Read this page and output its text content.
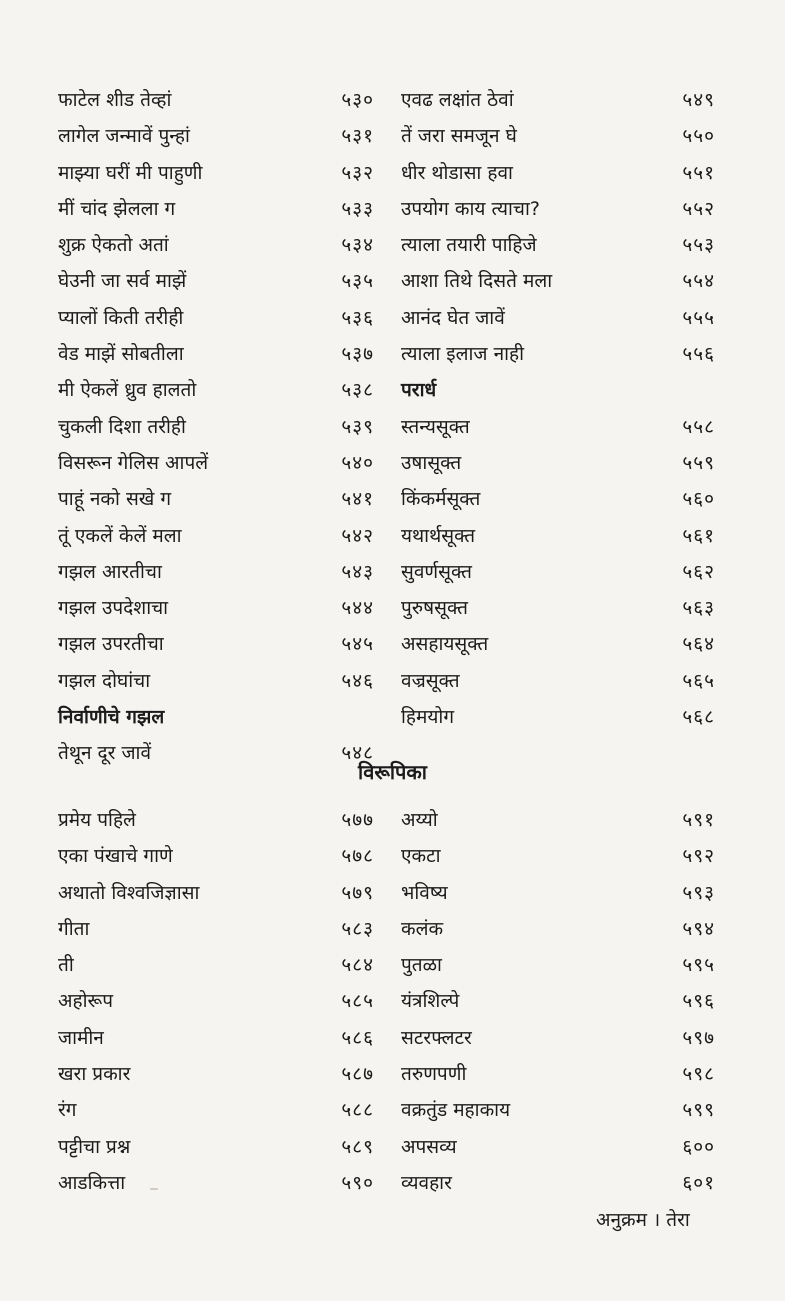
फाटेल शीड तेव्हां	५३०
लागेल जन्मावें पुन्हां	५३१
माझ्या घरीं मी पाहुणी	५३२
मीं चांद झेलला ग	५३३
शुक्र ऐकतो अतां	५३४
घेउनी जा सर्व माझें	५३५
प्यालों किती तरीही	५३६
वेड माझें सोबतीला	५३७
मी ऐकलें ध्रुव हालतो	५३८
चुकली दिशा तरीही	५३९
विसरून गेलिस आपलें	५४०
पाहूं नको सखे ग	५४१
तूं एकलें केलें मला	५४२
गझल आरतीचा	५४३
गझल उपदेशाचा	५४४
गझल उपरतीचा	५४५
गझल दोघांचा	५४६
निर्वाणीचे गझल
तेथून दूर जावें	५४८
एवढ लक्षांत ठेवां	५४९
तें जरा समजून घे	५५०
धीर थोडासा हवा	५५१
उपयोग काय त्याचा?	५५२
त्याला तयारी पाहिजे	५५३
आशा तिथे दिसते मला	५५४
आनंद घेत जावें	५५५
त्याला इलाज नाही	५५६
परार्ध
स्तन्यसूक्त	५५८
उषासूक्त	५५९
किंकर्मसूक्त	५६०
यथार्थसूक्त	५६१
सुवर्णसूक्त	५६२
पुरुषसूक्त	५६३
असहायसूक्त	५६४
वज्रसूक्त	५६५
हिमयोग	५६८
विरूपिका
प्रमेय पहिले	५७७
एका पंखाचे गाणे	५७८
अथातो विश्वजिज्ञासा	५७९
गीता	५८३
ती	५८४
अहोरूप	५८५
जामीन	५८६
खरा प्रकार	५८७
रंग	५८८
पट्टीचा प्रश्न	५८९
आडकित्ता	५९०
अय्यो	५९१
एकटा	५९२
भविष्य	५९३
कलंक	५९४
पुतळा	५९५
यंत्रशिल्पे	५९६
सटरफ्लटर	५९७
तरुणपणी	५९८
वक्रतुंड महाकाय	५९९
अपसव्य	६००
व्यवहार	६०१
अनुक्रम । तेरा
